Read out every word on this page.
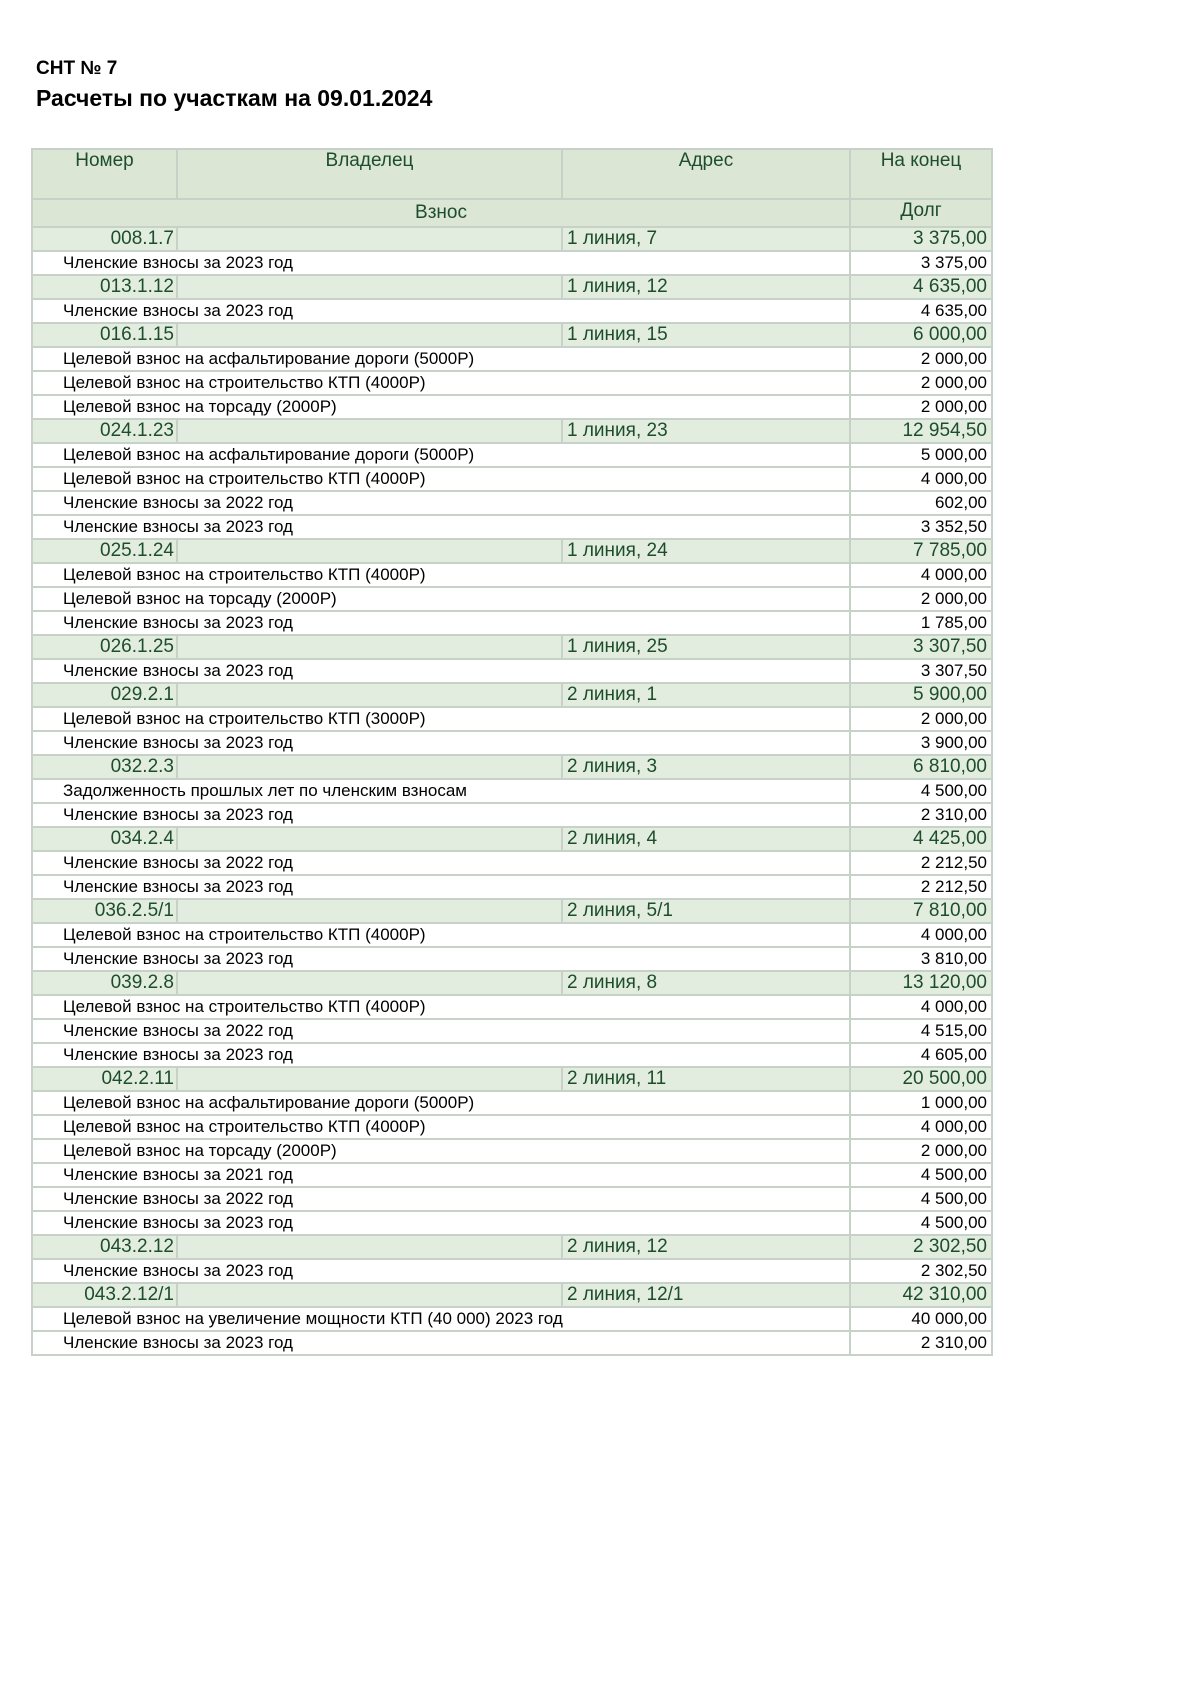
СНТ № 7
Расчеты по участкам на 09.01.2024
Номер	Владелец	Адрес	На конец
Взнос			Долг
008.1.7		1 линия, 7	3 375,00
Членские взносы за 2023 год			3 375,00
013.1.12		1 линия, 12	4 635,00
Членские взносы за 2023 год			4 635,00
016.1.15		1 линия, 15	6 000,00
Целевой взнос на асфальтирование дороги (5000Р)			2 000,00
Целевой взнос на строительство КТП (4000Р)			2 000,00
Целевой взнос на торсаду (2000Р)			2 000,00
024.1.23		1 линия, 23	12 954,50
Целевой взнос на асфальтирование дороги (5000Р)			5 000,00
Целевой взнос на строительство КТП (4000Р)			4 000,00
Членские взносы за 2022 год			602,00
Членские взносы за 2023 год			3 352,50
025.1.24		1 линия, 24	7 785,00
Целевой взнос на строительство КТП (4000Р)			4 000,00
Целевой взнос на торсаду (2000Р)			2 000,00
Членские взносы за 2023 год			1 785,00
026.1.25		1 линия, 25	3 307,50
Членские взносы за 2023 год			3 307,50
029.2.1		2 линия, 1	5 900,00
Целевой взнос на строительство КТП (3000Р)			2 000,00
Членские взносы за 2023 год			3 900,00
032.2.3		2 линия, 3	6 810,00
Задолженность прошлых лет по членским взносам			4 500,00
Членские взносы за 2023 год			2 310,00
034.2.4		2 линия, 4	4 425,00
Членские взносы за 2022 год			2 212,50
Членские взносы за 2023 год			2 212,50
036.2.5/1		2 линия, 5/1	7 810,00
Целевой взнос на строительство КТП (4000Р)			4 000,00
Членские взносы за 2023 год			3 810,00
039.2.8		2 линия, 8	13 120,00
Целевой взнос на строительство КТП (4000Р)			4 000,00
Членские взносы за 2022 год			4 515,00
Членские взносы за 2023 год			4 605,00
042.2.11		2 линия, 11	20 500,00
Целевой взнос на асфальтирование дороги (5000Р)			1 000,00
Целевой взнос на строительство КТП (4000Р)			4 000,00
Целевой взнос на торсаду (2000Р)			2 000,00
Членские взносы за 2021 год			4 500,00
Членские взносы за 2022 год			4 500,00
Членские взносы за 2023 год			4 500,00
043.2.12		2 линия, 12	2 302,50
Членские взносы за 2023 год			2 302,50
043.2.12/1		2 линия, 12/1	42 310,00
Целевой взнос на увеличение мощности КТП (40 000) 2023 год			40 000,00
Членские взносы за 2023 год			2 310,00
